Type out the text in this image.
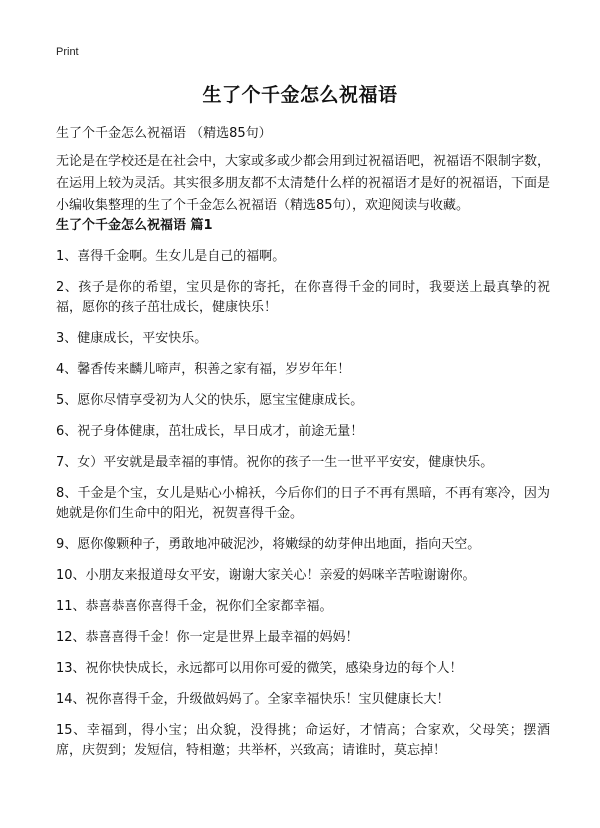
Print
生了个千金怎么祝福语
生了个千金怎么祝福语 （精选85句）
无论是在学校还是在社会中，大家或多或少都会用到过祝福语吧，祝福语不限制字数，在运用上较为灵活。其实很多朋友都不太清楚什么样的祝福语才是好的祝福语，下面是小编收集整理的生了个千金怎么祝福语（精选85句），欢迎阅读与收藏。
生了个千金怎么祝福语 篇1
1、喜得千金啊。生女儿是自己的福啊。
2、孩子是你的希望，宝贝是你的寄托，在你喜得千金的同时，我要送上最真挚的祝福，愿你的孩子茁壮成长，健康快乐！
3、健康成长，平安快乐。
4、馨香传来麟儿啼声，积善之家有福，岁岁年年！
5、愿你尽情享受初为人父的快乐，愿宝宝健康成长。
6、祝子身体健康，茁壮成长，早日成才，前途无量！
7、女）平安就是最幸福的事情。祝你的孩子一生一世平平安安，健康快乐。
8、千金是个宝，女儿是贴心小棉袄，今后你们的日子不再有黑暗，不再有寒冷，因为她就是你们生命中的阳光，祝贺喜得千金。
9、愿你像颗种子，勇敢地冲破泥沙，将嫩绿的幼芽伸出地面，指向天空。
10、小朋友来报道母女平安，谢谢大家关心！亲爱的妈咪辛苦啦谢谢你。
11、恭喜恭喜你喜得千金，祝你们全家都幸福。
12、恭喜喜得千金！你一定是世界上最幸福的妈妈！
13、祝你快快成长，永远都可以用你可爱的微笑，感染身边的每个人！
14、祝你喜得千金，升级做妈妈了。全家幸福快乐！宝贝健康长大！
15、幸福到，得小宝；出众貌，没得挑；命运好，才情高；合家欢，父母笑；摆酒席，庆贺到；发短信，特相邀；共举杯，兴致高；请谁时，莫忘掉！
